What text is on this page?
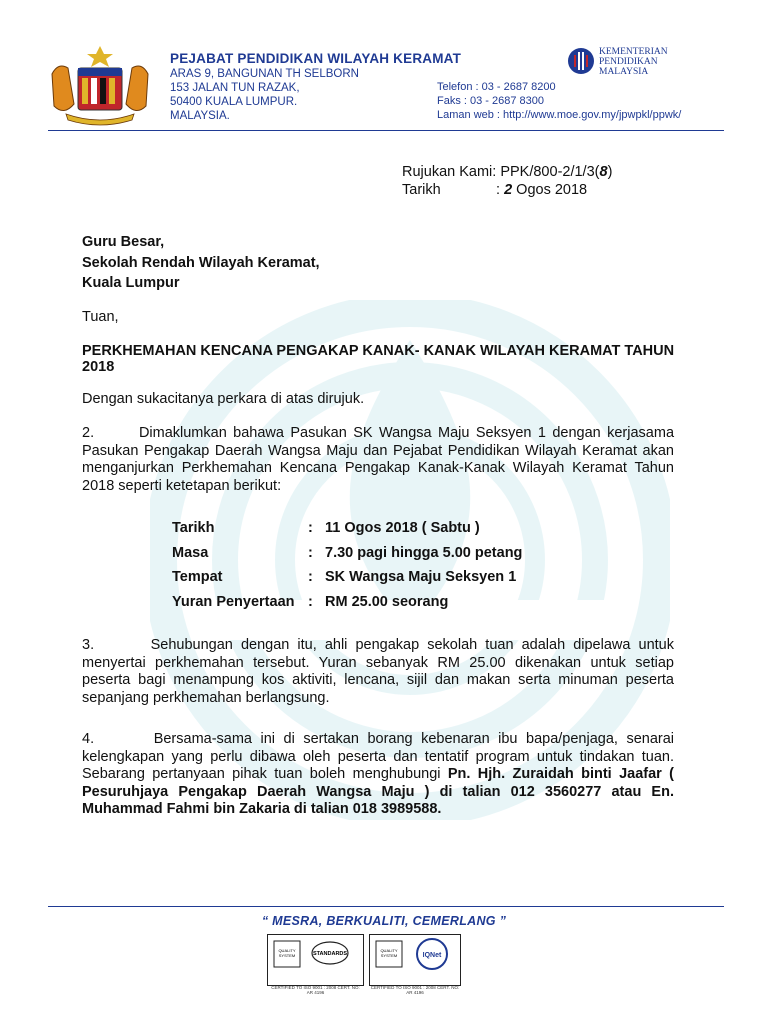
PEJABAT PENDIDIKAN WILAYAH KERAMAT
ARAS 9, BANGUNAN TH SELBORN
153 JALAN TUN RAZAK,
50400 KUALA LUMPUR.
MALAYSIA.
Telefon : 03 - 2687 8200
Faks : 03 - 2687 8300
Laman web : http://www.moe.gov.my/jpwpkl/ppwk/
KEMENTERIAN
PENDIDIKAN
MALAYSIA
Rujukan Kami:
PPK/800-2/1/3( 8 )
Tarikh	:
2
Ogos 2018
Guru Besar,
Sekolah Rendah Wilayah Keramat,
Kuala Lumpur
Tuan,
PERKHEMAHAN KENCANA PENGAKAP KANAK- KANAK WILAYAH KERAMAT TAHUN 2018
Dengan sukacitanya perkara di atas dirujuk.
2.	Dimaklumkan bahawa Pasukan SK Wangsa Maju Seksyen 1 dengan kerjasama Pasukan Pengakap Daerah Wangsa Maju dan Pejabat Pendidikan Wilayah Keramat akan menganjurkan Perkhemahan Kencana Pengakap Kanak-Kanak Wilayah Keramat Tahun 2018 seperti ketetapan berikut:
Tarikh	: 11 Ogos 2018 ( Sabtu )
Masa	: 7.30 pagi hingga 5.00 petang
Tempat	: SK Wangsa Maju Seksyen 1
Yuran Penyertaan : RM 25.00 seorang
3.	Sehubungan dengan itu, ahli pengakap sekolah tuan adalah dipelawa untuk menyertai perkhemahan tersebut. Yuran sebanyak RM 25.00 dikenakan untuk setiap peserta bagi menampung kos aktiviti, lencana, sijil dan makan serta minuman peserta sepanjang perkhemahan berlangsung.
4.	Bersama-sama ini di sertakan borang kebenaran ibu bapa/penjaga, senarai kelengkapan yang perlu dibawa oleh peserta dan tentatif program untuk tindakan tuan. Sebarang pertanyaan pihak tuan boleh menghubungi Pn. Hjh. Zuraidah binti Jaafar ( Pesuruhjaya Pengakap Daerah Wangsa Maju ) di talian 012 3560277 atau En. Muhammad Fahmi bin Zakaria di talian 018 3989588.
“ MESRA, BERKUALITI, CEMERLANG ”
QUALITY
SYSTEM	STANDARDS
CERTIFIED TO ISO 9001 : 2008 CERT. NO: AR 4196
QUALITY
SYSTEM	IQNet
CERTIFIED TO ISO 9001 : 2008 CERT. NO: AR 4196
